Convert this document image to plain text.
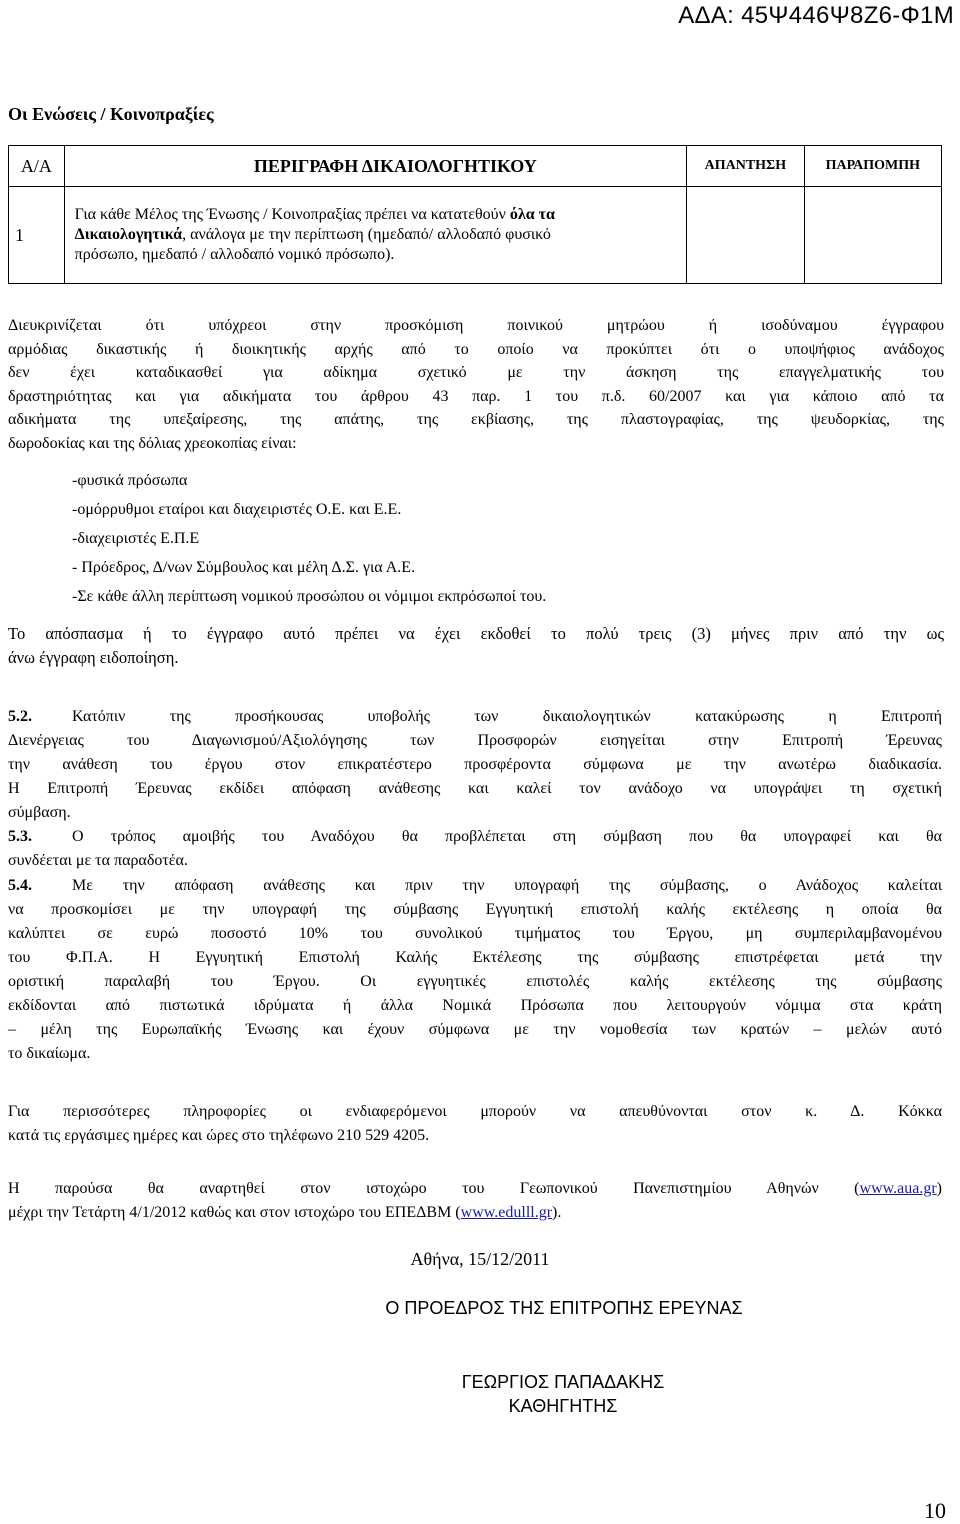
ΑΔΑ: 45Ψ446Ψ8Ζ6-Φ1Μ
Οι Ενώσεις / Κοινοπραξίες
Α/Α	ΠΕΡΙΓΡΑΦΗ ΔΙΚΑΙΟΛΟΓΗΤΙΚΟΥ	ΑΠΑΝΤΗΣΗ	ΠΑΡΑΠΟΜΠΗ
1	Για κάθε Μέλος της Ένωσης / Κοινοπραξίας πρέπει να κατατεθούν όλα τα
Δικαιολογητικά, ανάλογα με την περίπτωση (ημεδαπό/ αλλοδαπό φυσικό
πρόσωπο, ημεδαπό / αλλοδαπό νομικό πρόσωπο).		

Διευκρινίζεται ότι υπόχρεοι στην προσκόμιση ποινικού μητρώου ή ισοδύναμου έγγραφου
αρμόδιας δικαστικής ή διοικητικής αρχής από το οποίο να προκύπτει ότι ο υποψήφιος ανάδοχος
δεν έχει καταδικασθεί για αδίκημα σχετικό με την άσκηση της επαγγελματικής του
δραστηριότητας και για αδικήματα του άρθρου 43 παρ. 1 του π.δ. 60/2007 και για κάποιο από τα
αδικήματα της υπεξαίρεσης, της απάτης, της εκβίασης, της πλαστογραφίας, της ψευδορκίας, της
δωροδοκίας και της δόλιας χρεοκοπίας είναι:
-φυσικά πρόσωπα
-ομόρρυθμοι εταίροι και διαχειριστές Ο.Ε. και Ε.Ε.
-διαχειριστές Ε.Π.Ε
- Πρόεδρος, Δ/νων Σύμβουλος και μέλη Δ.Σ. για Α.Ε.
-Σε κάθε άλλη περίπτωση νομικού προσώπου οι νόμιμοι εκπρόσωποί του.
Το απόσπασμα ή το έγγραφο αυτό πρέπει να έχει εκδοθεί το πολύ τρεις (3) μήνες πριν από την ως
άνω έγγραφη ειδοποίηση.
5.2.	Κατόπιν της προσήκουσας υποβολής των δικαιολογητικών κατακύρωσης η Επιτροπή
Διενέργειας του Διαγωνισμού/Αξιολόγησης των Προσφορών εισηγείται στην Επιτροπή Έρευνας
την ανάθεση του έργου στον επικρατέστερο προσφέροντα σύμφωνα με την ανωτέρω διαδικασία.
Η Επιτροπή Έρευνας εκδίδει απόφαση ανάθεσης και καλεί τον ανάδοχο να υπογράψει τη σχετική
σύμβαση.
5.3.	Ο τρόπος αμοιβής του Αναδόχου θα προβλέπεται στη σύμβαση που θα υπογραφεί και θα
συνδέεται με τα παραδοτέα.
5.4.	Με την απόφαση ανάθεσης και πριν την υπογραφή της σύμβασης, ο Ανάδοχος καλείται
να προσκομίσει με την υπογραφή της σύμβασης Εγγυητική επιστολή καλής εκτέλεσης η οποία θα
καλύπτει σε ευρώ ποσοστό 10% του συνολικού τιμήματος του Έργου, μη συμπεριλαμβανομένου
του Φ.Π.Α. Η Εγγυητική Επιστολή Καλής Εκτέλεσης της σύμβασης επιστρέφεται μετά την
οριστική παραλαβή του Έργου. Οι εγγυητικές επιστολές καλής εκτέλεσης της σύμβασης
εκδίδονται από πιστωτικά ιδρύματα ή άλλα Νομικά Πρόσωπα που λειτουργούν νόμιμα στα κράτη
– μέλη της Ευρωπαϊκής Ένωσης και έχουν σύμφωνα με την νομοθεσία των κρατών – μελών αυτό
το δικαίωμα.
Για περισσότερες πληροφορίες οι ενδιαφερόμενοι μπορούν να απευθύνονται στον κ. Δ. Κόκκα
κατά τις εργάσιμες ημέρες και ώρες στο τηλέφωνο 210 529 4205.
Η παρούσα θα αναρτηθεί στον ιστοχώρο του Γεωπονικού Πανεπιστημίου Αθηνών (www.aua.gr)
μέχρι την Τετάρτη 4/1/2012 καθώς και στον ιστοχώρο του ΕΠΕΔΒΜ (www.edulll.gr).
Αθήνα, 15/12/2011
Ο ΠΡΟΕΔΡΟΣ ΤΗΣ ΕΠΙΤΡΟΠΗΣ ΕΡΕΥΝΑΣ
ΓΕΩΡΓΙΟΣ ΠΑΠΑΔΑΚΗΣ
ΚΑΘΗΓΗΤΗΣ
10
